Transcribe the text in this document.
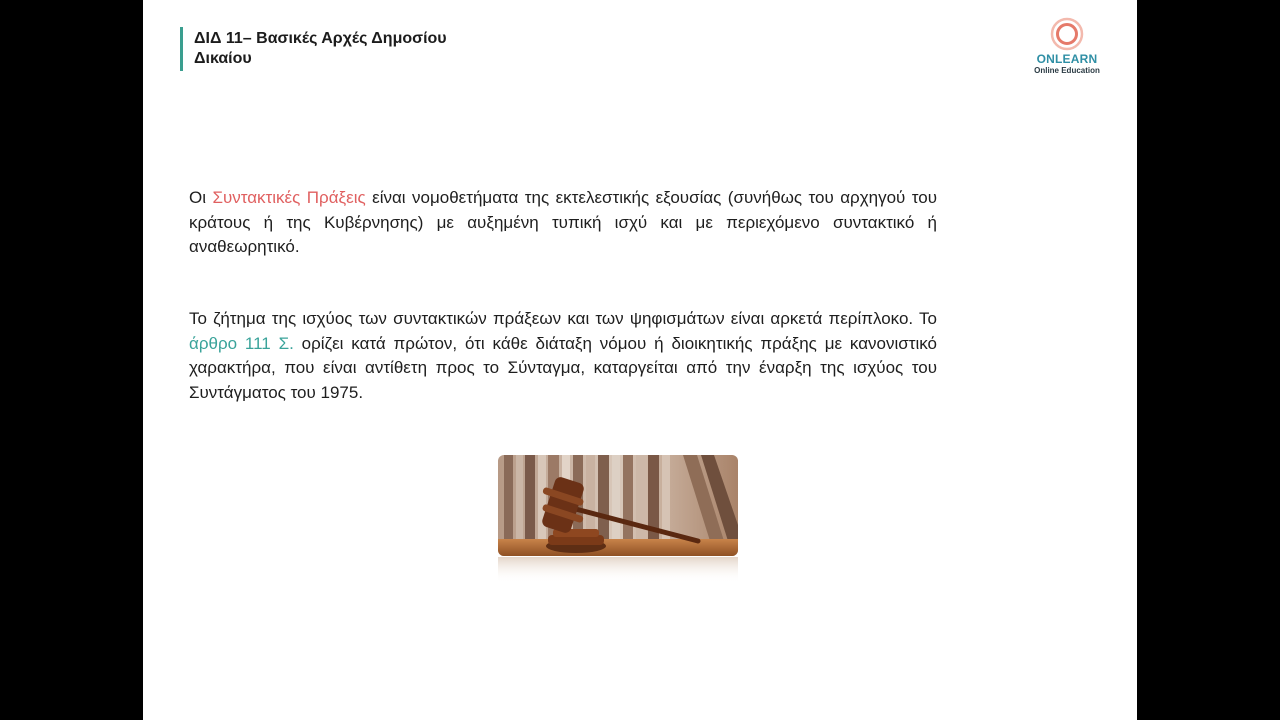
ΔΙΔ 11– Βασικές Αρχές Δημοσίου
Δικαίου	ONLEARN
Online Education
Οι Συντακτικές Πράξεις είναι νομοθετήματα της εκτελεστικής εξουσίας (συνήθως του αρχηγού του κράτους ή της Κυβέρνησης) με αυξημένη τυπική ισχύ και με περιεχόμενο συντακτικό ή αναθεωρητικό.
Το ζήτημα της ισχύος των συντακτικών πράξεων και των ψηφισμάτων είναι αρκετά περίπλοκο. Το άρθρο 111 Σ. ορίζει κατά πρώτον, ότι κάθε διάταξη νόμου ή διοικητικής πράξης με κανονιστικό χαρακτήρα, που είναι αντίθετη προς το Σύνταγμα, καταργείται από την έναρξη της ισχύος του Συντάγματος του 1975.
